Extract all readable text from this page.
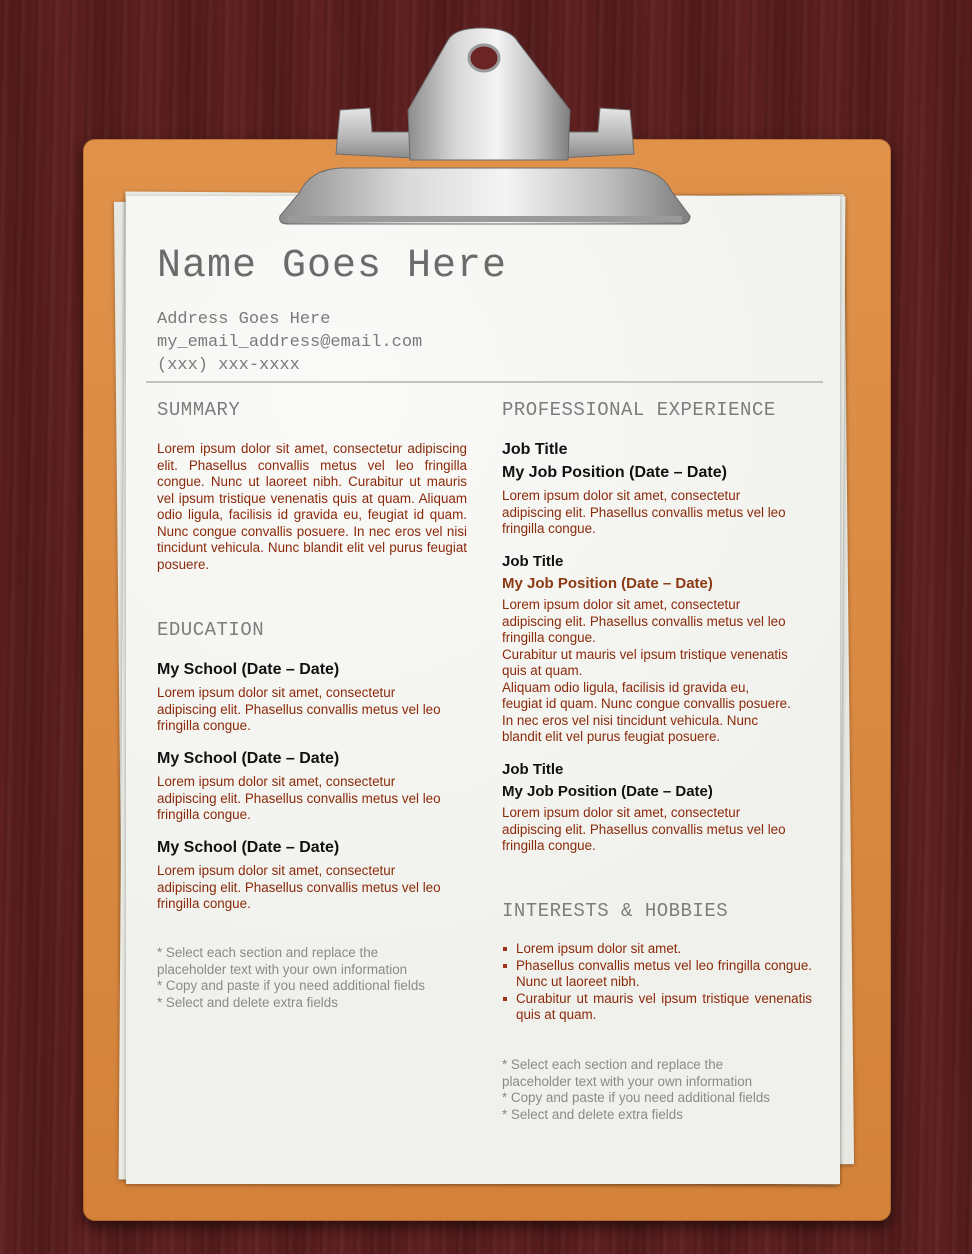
Name Goes Here
Address Goes Here
my_email_address@email.com
(xxx) xxx-xxxx
SUMMARY
Lorem ipsum dolor sit amet, consectetur adipiscing elit. Phasellus convallis metus vel leo fringilla congue. Nunc ut laoreet nibh. Curabitur ut mauris vel ipsum tristique venenatis quis at quam. Aliquam odio ligula, facilisis id gravida eu, feugiat id quam. Nunc congue convallis posuere. In nec eros vel nisi tincidunt vehicula. Nunc blandit elit vel purus feugiat posuere.
EDUCATION
My School (Date – Date)
Lorem ipsum dolor sit amet, consectetur
adipiscing elit. Phasellus convallis metus vel leo
fringilla congue.
My School (Date – Date)
Lorem ipsum dolor sit amet, consectetur
adipiscing elit. Phasellus convallis metus vel leo
fringilla congue.
My School (Date – Date)
Lorem ipsum dolor sit amet, consectetur
adipiscing elit. Phasellus convallis metus vel leo
fringilla congue.
* Select each section and replace the
placeholder text with your own information
* Copy and paste if you need additional fields
* Select and delete extra fields
PROFESSIONAL EXPERIENCE
Job Title
My Job Position (Date – Date)
Lorem ipsum dolor sit amet, consectetur
adipiscing elit. Phasellus convallis metus vel leo
fringilla congue.
Job Title
My Job Position (Date – Date)
Lorem ipsum dolor sit amet, consectetur
adipiscing elit. Phasellus convallis metus vel leo
fringilla congue.
Curabitur ut mauris vel ipsum tristique venenatis
quis at quam.
Aliquam odio ligula, facilisis id gravida eu,
feugiat id quam. Nunc congue convallis posuere.
In nec eros vel nisi tincidunt vehicula. Nunc
blandit elit vel purus feugiat posuere.
Job Title
My Job Position (Date – Date)
Lorem ipsum dolor sit amet, consectetur
adipiscing elit. Phasellus convallis metus vel leo
fringilla congue.
INTERESTS & HOBBIES
Lorem ipsum dolor sit amet.
Phasellus convallis metus vel leo fringilla congue. Nunc ut laoreet nibh.
Curabitur ut mauris vel ipsum tristique venenatis quis at quam.
* Select each section and replace the
placeholder text with your own information
* Copy and paste if you need additional fields
* Select and delete extra fields
